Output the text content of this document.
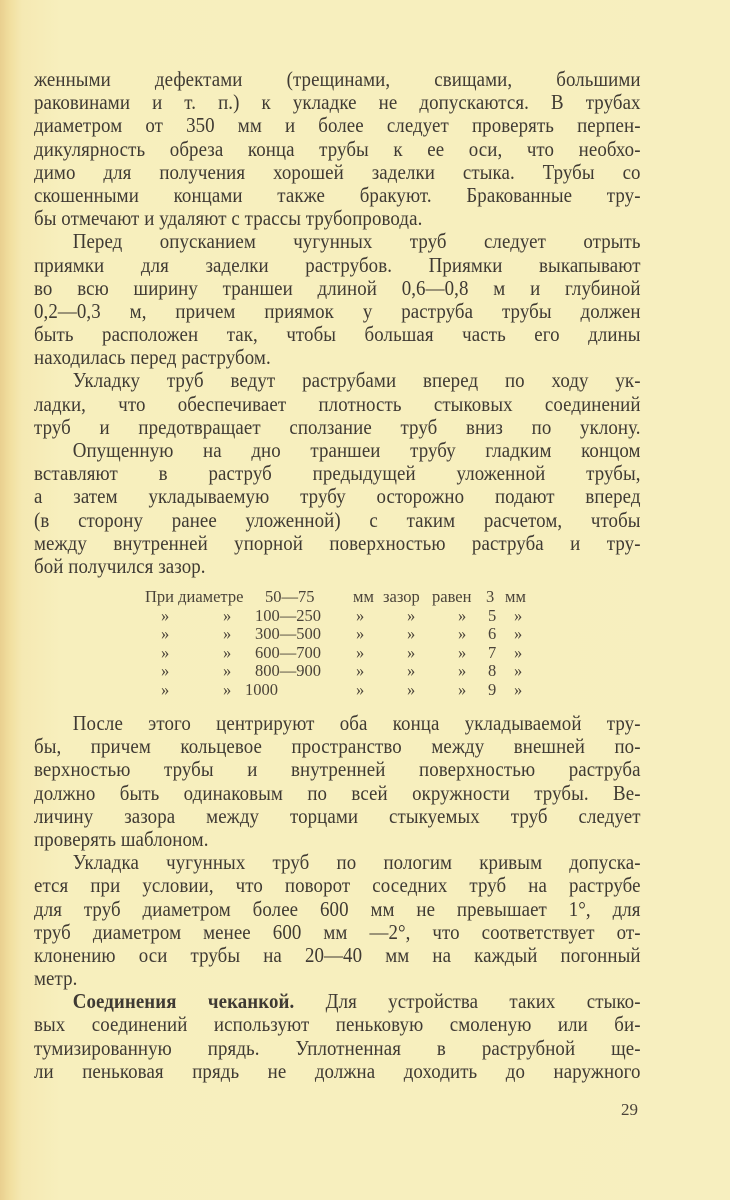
женными дефектами (трещинами, свищами, большими
раковинами и т. п.) к укладке не допускаются. В трубах
диаметром от 350 мм и более следует проверять перпен-
дикулярность обреза конца трубы к ее оси, что необхо-
димо для получения хорошей заделки стыка. Трубы со
скошенными концами также бракуют. Бракованные тру-
бы отмечают и удаляют с трассы трубопровода.
Перед опусканием чугунных труб следует отрыть
приямки для заделки раструбов. Приямки выкапывают
во всю ширину траншеи длиной 0,6—0,8 м и глубиной
0,2—0,3 м, причем приямок у раструба трубы должен
быть расположен так, чтобы большая часть его длины
находилась перед раструбом.
Укладку труб ведут раструбами вперед по ходу ук-
ладки, что обеспечивает плотность стыковых соединений
труб и предотвращает сползание труб вниз по уклону.
Опущенную на дно траншеи трубу гладким концом
вставляют в раструб предыдущей уложенной трубы,
а затем укладываемую трубу осторожно подают вперед
(в сторону ранее уложенной) с таким расчетом, чтобы
между внутренней упорной поверхностью раструба и тру-
бой получился зазор.
При диаметре 50—75 мм зазор равен 3 мм
»	» 100—250 »	»	» 5 »
»	» 300—500 »	»	» 6 »
»	» 600—700 »	»	» 7 »
»	» 800—900 »	»	» 8 »
»	» 1000	»	»	» 9 »
После этого центрируют оба конца укладываемой тру-
бы, причем кольцевое пространство между внешней по-
верхностью трубы и внутренней поверхностью раструба
должно быть одинаковым по всей окружности трубы. Ве-
личину зазора между торцами стыкуемых труб следует
проверять шаблоном.
Укладка чугунных труб по пологим кривым допуска-
ется при условии, что поворот соседних труб на раструбе
для труб диаметром более 600 мм не превышает 1°, для
труб диаметром менее 600 мм —2°, что соответствует от-
клонению оси трубы на 20—40 мм на каждый погонный
метр.
Соединения чеканкой. Для устройства таких стыко-
вых соединений используют пеньковую смоленую или би-
тумизированную прядь. Уплотненная в раструбной ще-
ли пеньковая прядь не должна доходить до наружного
29
